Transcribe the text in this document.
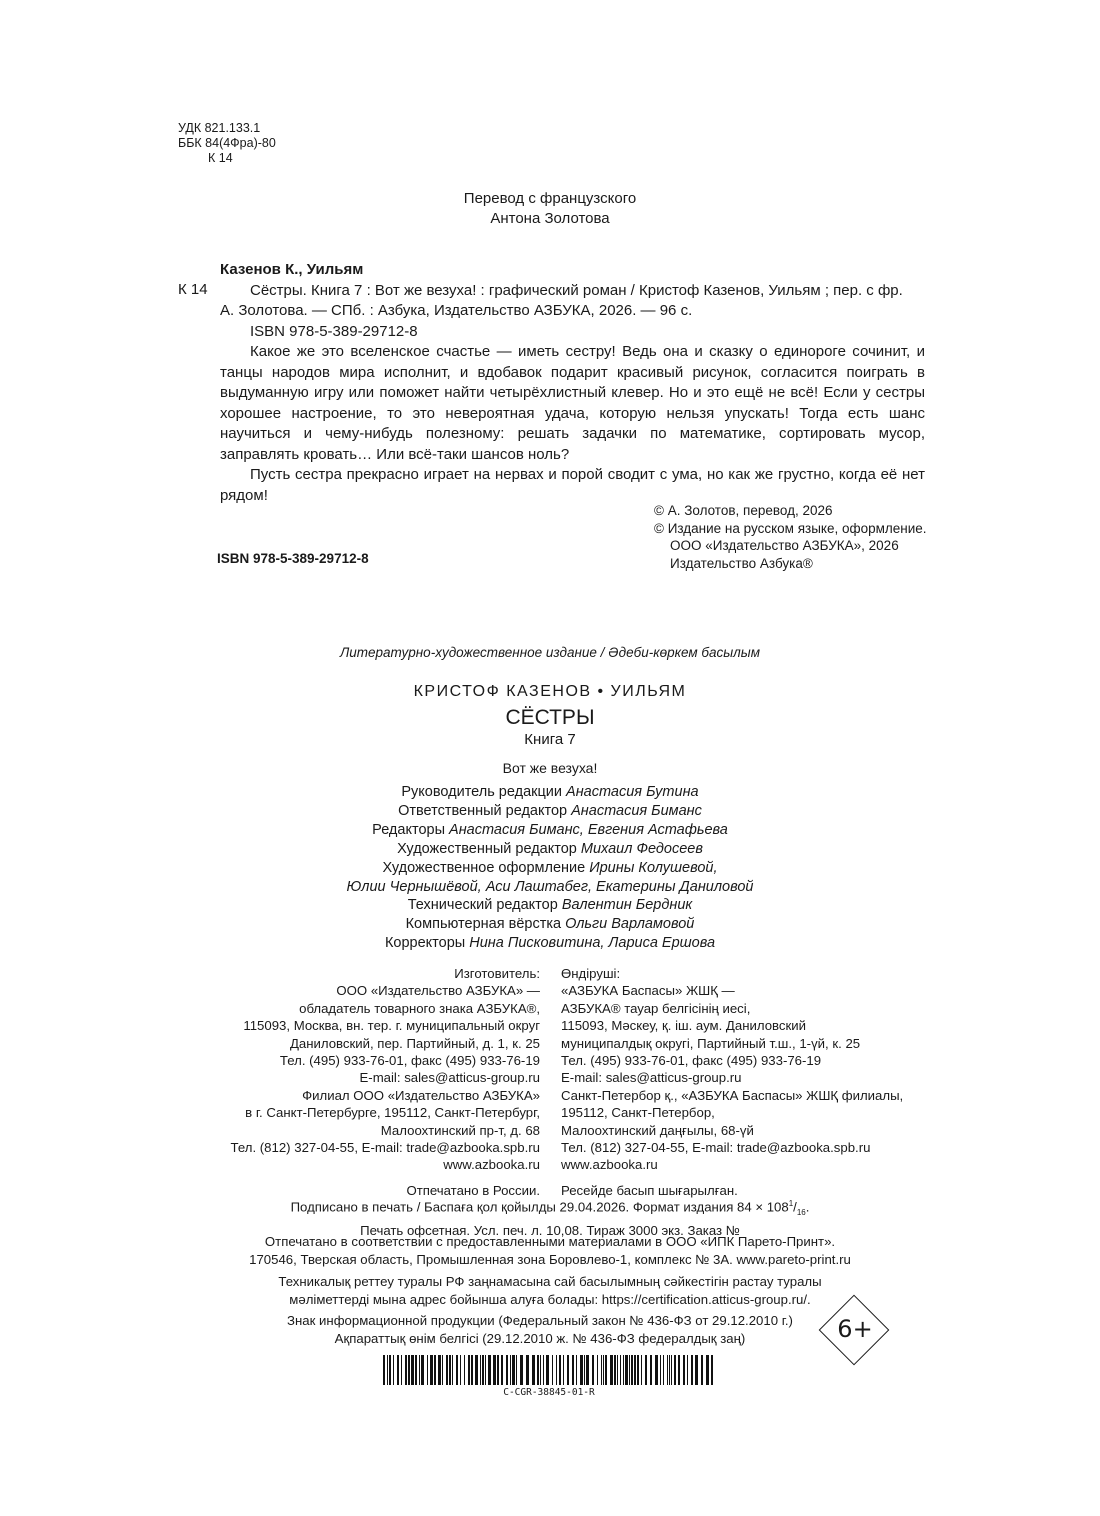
УДК 821.133.1
ББК 84(4Фра)-80
К 14
Перевод с французского
Антона Золотова
К 14
Казенов К., Уильям
Сёстры. Книга 7 : Вот же везуха! : графический роман / Кристоф Казенов, Уильям ; пер. с фр.
А. Золотова. — СПб. : Азбука, Издательство АЗБУКА, 2026. — 96 с.
ISBN 978-5-389-29712-8
Какое же это вселенское счастье — иметь сестру! Ведь она и сказку о единороге сочинит, и танцы народов мира исполнит, и вдобавок подарит красивый рисунок, согласится поиграть в выдуманную игру или поможет найти четырёхлистный клевер. Но и это ещё не всё! Если у сестры хорошее настроение, то это невероятная удача, которую нельзя упускать! Тогда есть шанс научиться и чему-нибудь полезному: решать задачки по математике, сортировать мусор, заправлять кровать… Или всё-таки шансов ноль?
Пусть сестра прекрасно играет на нервах и порой сводит с ума, но как же грустно, когда её нет рядом!
© А. Золотов, перевод, 2026
© Издание на русском языке, оформление.
ООО «Издательство АЗБУКА», 2026
Издательство Азбука®
ISBN 978-5-389-29712-8
Литературно-художественное издание / Әдеби-көркем басылым
КРИСТОФ КАЗЕНОВ • УИЛЬЯМ
СЁСТРЫ
Книга 7
Вот же везуха!
Руководитель редакции Анастасия Бутина
Ответственный редактор Анастасия Биманс
Редакторы Анастасия Биманс, Евгения Астафьева
Художественный редактор Михаил Федосеев
Художественное оформление Ирины Колушевой,
Юлии Чернышёвой, Аси Лаштабег, Екатерины Даниловой
Технический редактор Валентин Бердник
Компьютерная вёрстка Ольги Варламовой
Корректоры Нина Писковитина, Лариса Ершова
Изготовитель:
ООО «Издательство АЗБУКА» —
обладатель товарного знака АЗБУКА®,
115093, Москва, вн. тер. г. муниципальный округ
Даниловский, пер. Партийный, д. 1, к. 25
Тел. (495) 933-76-01, факс (495) 933-76-19
E-mail: sales@atticus-group.ru
Филиал ООО «Издательство АЗБУКА»
в г. Санкт-Петербурге, 195112, Санкт-Петербург,
Малоохтинский пр-т, д. 68
Тел. (812) 327-04-55, E-mail: trade@azbooka.spb.ru
www.azbooka.ru
Отпечатано в России.
Өндіруші:
«АЗБУКА Баспасы» ЖШҚ —
АЗБУКА® тауар белгісінің иесі,
115093, Мәскеу, қ. іш. аум. Даниловский
муниципалдық округі, Партийный т.ш., 1-үй, к. 25
Тел. (495) 933-76-01, факс (495) 933-76-19
E-mail: sales@atticus-group.ru
Санкт-Петербор қ., «АЗБУКА Баспасы» ЖШҚ филиалы,
195112, Санкт-Петербор,
Малоохтинский даңғылы, 68-үй
Тел. (812) 327-04-55, E-mail: trade@azbooka.spb.ru
www.azbooka.ru
Ресейде басып шығарылған.
Подписано в печать / Баспаға қол қойылды 29.04.2026. Формат издания $84 \times 108^1/_{16}$.
Печать офсетная. Усл. печ. л. 10,08. Тираж 3000 экз. Заказ №
Отпечатано в соответствии с предоставленными материалами в ООО «ИПК Парето-Принт».
170546, Тверская область, Промышленная зона Боровлево-1, комплекс № 3А. www.pareto-print.ru
Техникалық реттеу туралы РФ заңнамасына сай басылымның сәйкестігін растау туралы
мәліметтерді мына адрес бойынша алуға болады: https://certification.atticus-group.ru/.
Знак информационной продукции (Федеральный закон № 436-ФЗ от 29.12.2010 г.)
Ақпараттық өнім белгісі (29.12.2010 ж. № 436-ФЗ федералдық заң)	6+
C-CGR-38845-01-R
